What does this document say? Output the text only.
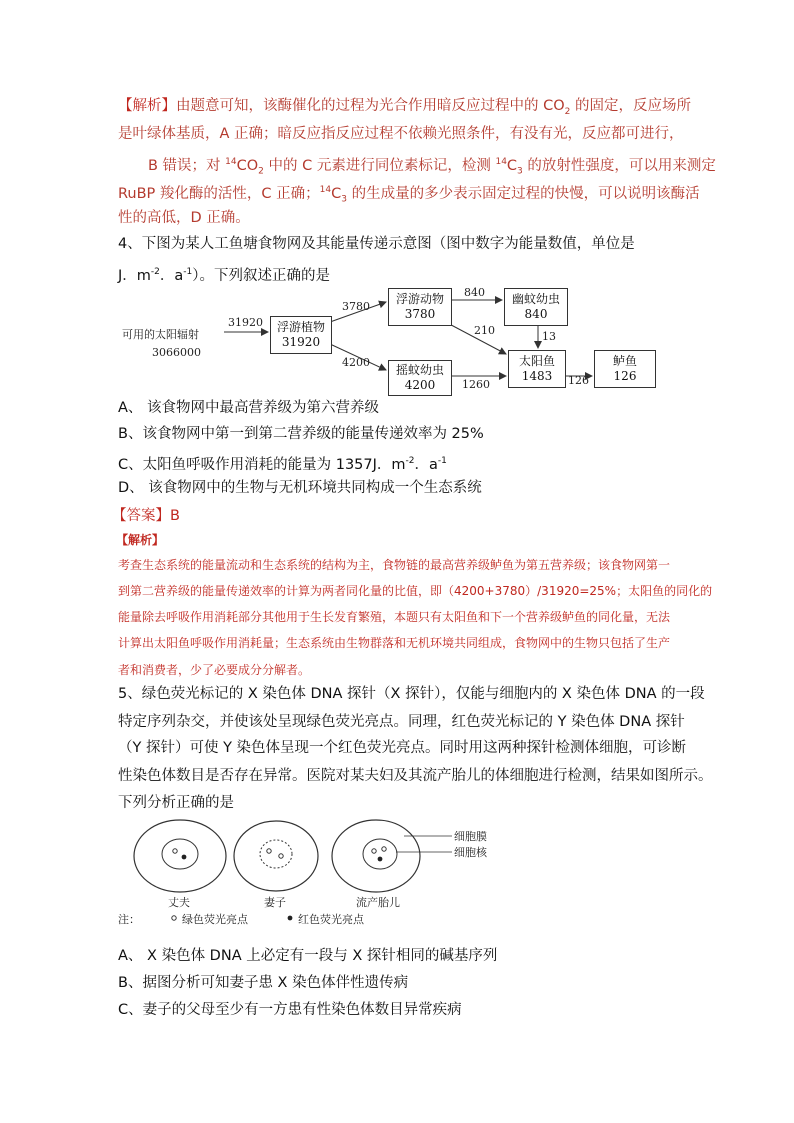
【解析】由题意可知，该酶催化的过程为光合作用暗反应过程中的 $CO_2$ 的固定，反应场所
是叶绿体基质，A 正确；暗反应指反应过程不依赖光照条件，有没有光，反应都可进行，
B 错误；对 $^{14}CO_2$ 中的 C 元素进行同位素标记，检测 $^{14}C_3$ 的放射性强度，可以用来测定
RuBP 羧化酶的活性，C 正确；$^{14}C_3$ 的生成量的多少表示固定过程的快慢，可以说明该酶活
性的高低，D 正确。
4、下图为某人工鱼塘食物网及其能量传递示意图（图中数字为能量数值，单位是
J．$m^{-2}$．$a^{-1}$）。下列叙述正确的是
可用的太阳辐射
3066000
31920	浮游植物
31920
3780
4200
浮游动物
3780
摇蚊幼虫
4200
840
210
1260
幽蚊幼虫
840
13
太阳鱼
1483	126
鲈鱼
126
A、 该食物网中最高营养级为第六营养级
B、该食物网中第一到第二营养级的能量传递效率为 25%
C、太阳鱼呼吸作用消耗的能量为 1357J．$m^{-2}$．$a^{-1}$
D、 该食物网中的生物与无机环境共同构成一个生态系统
【答案】B
【解析】
考查生态系统的能量流动和生态系统的结构为主，食物链的最高营养级鲈鱼为第五营养级；该食物网第一
到第二营养级的能量传递效率的计算为两者同化量的比值，即（4200+3780）/31920=25%；太阳鱼的同化的
能量除去呼吸作用消耗部分其他用于生长发育繁殖，本题只有太阳鱼和下一个营养级鲈鱼的同化量，无法
计算出太阳鱼呼吸作用消耗量；生态系统由生物群落和无机环境共同组成，食物网中的生物只包括了生产
者和消费者，少了必要成分分解者。
5、绿色荧光标记的 X 染色体 DNA 探针（X 探针），仅能与细胞内的 X 染色体 DNA 的一段
特定序列杂交，并使该处呈现绿色荧光亮点。同理，红色荧光标记的 Y 染色体 DNA 探针
（Y 探针）可使 Y 染色体呈现一个红色荧光亮点。同时用这两种探针检测体细胞，可诊断
性染色体数目是否存在异常。医院对某夫妇及其流产胎儿的体细胞进行检测，结果如图所示。
下列分析正确的是
细胞膜
细胞核
丈夫	妻子	流产胎儿
注：	绿色荧光亮点	红色荧光亮点
A、 X 染色体 DNA 上必定有一段与 X 探针相同的碱基序列
B、据图分析可知妻子患 X 染色体伴性遗传病
C、妻子的父母至少有一方患有性染色体数目异常疾病
